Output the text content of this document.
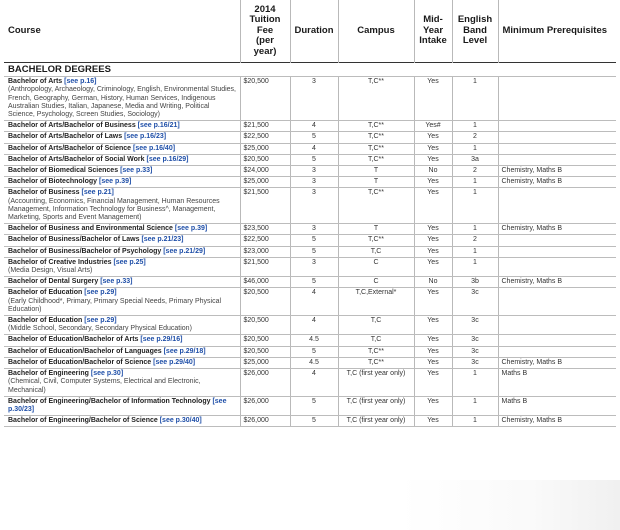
Course	2014
Tuition
Fee
(per year)	Duration	Campus	Mid-
Year
Intake	English
Band
Level	Minimum Prerequisites
BACHELOR DEGREES						
Bachelor of Arts [see p.16]
(Anthropology, Archaeology, Criminology, English, Environmental Studies, French, Geography, German, History, Human Services, Indigenous Australian Studies, Italian, Japanese, Media and Writing, Political Science, Psychology, Screen Studies, Sociology)	$20,500	3	T,C**	Yes	1	
Bachelor of Arts/Bachelor of Business [see p.16/21]	$21,500	4	T,C**	Yes#	1	
Bachelor of Arts/Bachelor of Laws [see p.16/23]	$22,500	5	T,C**	Yes	2	
Bachelor of Arts/Bachelor of Science [see p.16/40]	$25,000	4	T,C**	Yes	1	
Bachelor of Arts/Bachelor of Social Work [see p.16/29]	$20,500	5	T,C**	Yes	3a	
Bachelor of Biomedical Sciences [see p.33]	$24,000	3	T	No	2	Chemistry, Maths B
Bachelor of Biotechnology [see p.39]	$25,000	3	T	Yes	1	Chemistry, Maths B
Bachelor of Business [see p.21]
(Accounting, Economics, Financial Management, Human Resources Management, Information Technology for Business^, Management, Marketing, Sports and Event Management)	$21,500	3	T,C**	Yes	1	
Bachelor of Business and Environmental Science [see p.39]	$23,500	3	T	Yes	1	Chemistry, Maths B
Bachelor of Business/Bachelor of Laws [see p.21/23]	$22,500	5	T,C**	Yes	2	
Bachelor of Business/Bachelor of Psychology [see p.21/29]	$23,000	5	T,C	Yes	1	
Bachelor of Creative Industries [see p.25]
(Media Design, Visual Arts)	$21,500	3	C	Yes	1	
Bachelor of Dental Surgery [see p.33]	$46,000	5	C	No	3b	Chemistry, Maths B
Bachelor of Education [see p.29]
(Early Childhood*, Primary, Primary Special Needs, Primary Physical Education)	$20,500	4	T,C,External*	Yes	3c	
Bachelor of Education [see p.29]
(Middle School, Secondary, Secondary Physical Education)	$20,500	4	T,C	Yes	3c	
Bachelor of Education/Bachelor of Arts [see p.29/16]	$20,500	4.5	T,C	Yes	3c	
Bachelor of Education/Bachelor of Languages [see p.29/18]	$20,500	5	T,C**	Yes	3c	
Bachelor of Education/Bachelor of Science [see p.29/40]	$25,000	4.5	T,C**	Yes	3c	Chemistry, Maths B
Bachelor of Engineering [see p.30]
(Chemical, Civil, Computer Systems, Electrical and Electronic, Mechanical)	$26,000	4	T,C (first year only)	Yes	1	Maths B
Bachelor of Engineering/Bachelor of Information Technology [see p.30/23]	$26,000	5	T,C (first year only)	Yes	1	Maths B
Bachelor of Engineering/Bachelor of Science [see p.30/40]	$26,000	5	T,C (first year only)	Yes	1	Chemistry, Maths B
